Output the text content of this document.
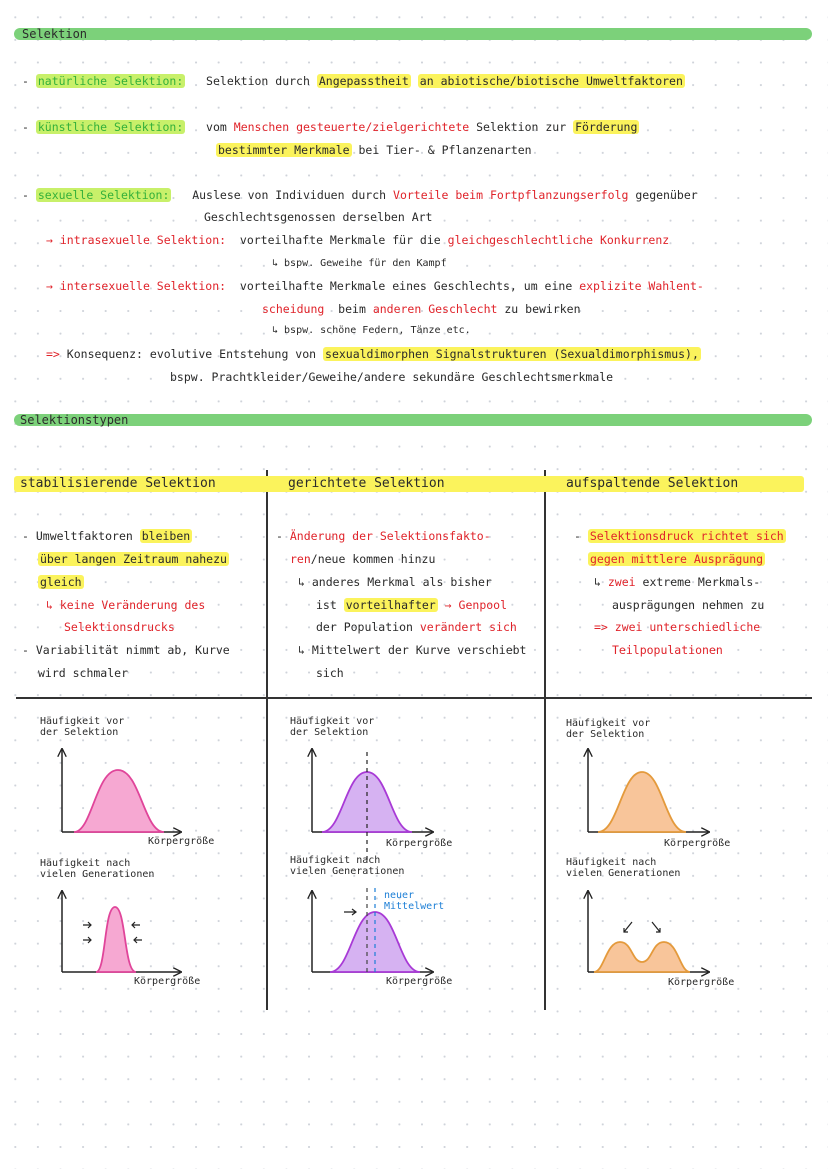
Selektion
- natürliche Selektion: Selektion durch Angepasstheit an abiotische/biotische Umweltfaktoren
- künstliche Selektion: vom Menschen gesteuerte/zielgerichtete Selektion zur Förderung
bestimmter Merkmale bei Tier- & Pflanzenarten
- sexuelle Selektion: Auslese von Individuen durch Vorteile beim Fortpflanzungserfolg gegenüber
Geschlechtsgenossen derselben Art
→ intrasexuelle Selektion: vorteilhafte Merkmale für die gleichgeschlechtliche Konkurrenz
↳ bspw. Geweihe für den Kampf
→ intersexuelle Selektion: vorteilhafte Merkmale eines Geschlechts, um eine explizite Wahlent-
scheidung beim anderen Geschlecht zu bewirken
↳ bspw. schöne Federn, Tänze etc.
=> Konsequenz: evolutive Entstehung von sexualdimorphen Signalstrukturen (Sexualdimorphismus),
bspw. Prachtkleider/Geweihe/andere sekundäre Geschlechtsmerkmale
Selektionstypen
stabilisierende Selektion	gerichtete Selektion	aufspaltende Selektion
- Umweltfaktoren bleiben
über langen Zeitraum nahezu
gleich
↳ keine Veränderung des
Selektionsdrucks
- Variabilität nimmt ab, Kurve
wird schmaler
- Änderung der Selektionsfakto-
ren/neue kommen hinzu
↳ anderes Merkmal als bisher
ist vorteilhafter → Genpool
der Population verändert sich
↳ Mittelwert der Kurve verschiebt
sich
- Selektionsdruck richtet sich
gegen mittlere Ausprägung
↳ zwei extreme Merkmals-
ausprägungen nehmen zu
=> zwei unterschiedliche
Teilpopulationen
Häufigkeit vor
der Selektion
Körpergröße
Häufigkeit nach
vielen Generationen
Körpergröße
Häufigkeit vor
der Selektion
Körpergröße
Häufigkeit nach
vielen Generationen
neuer
Mittelwert
Körpergröße
Häufigkeit vor
der Selektion
Körpergröße
Häufigkeit nach
vielen Generationen
Körpergröße
